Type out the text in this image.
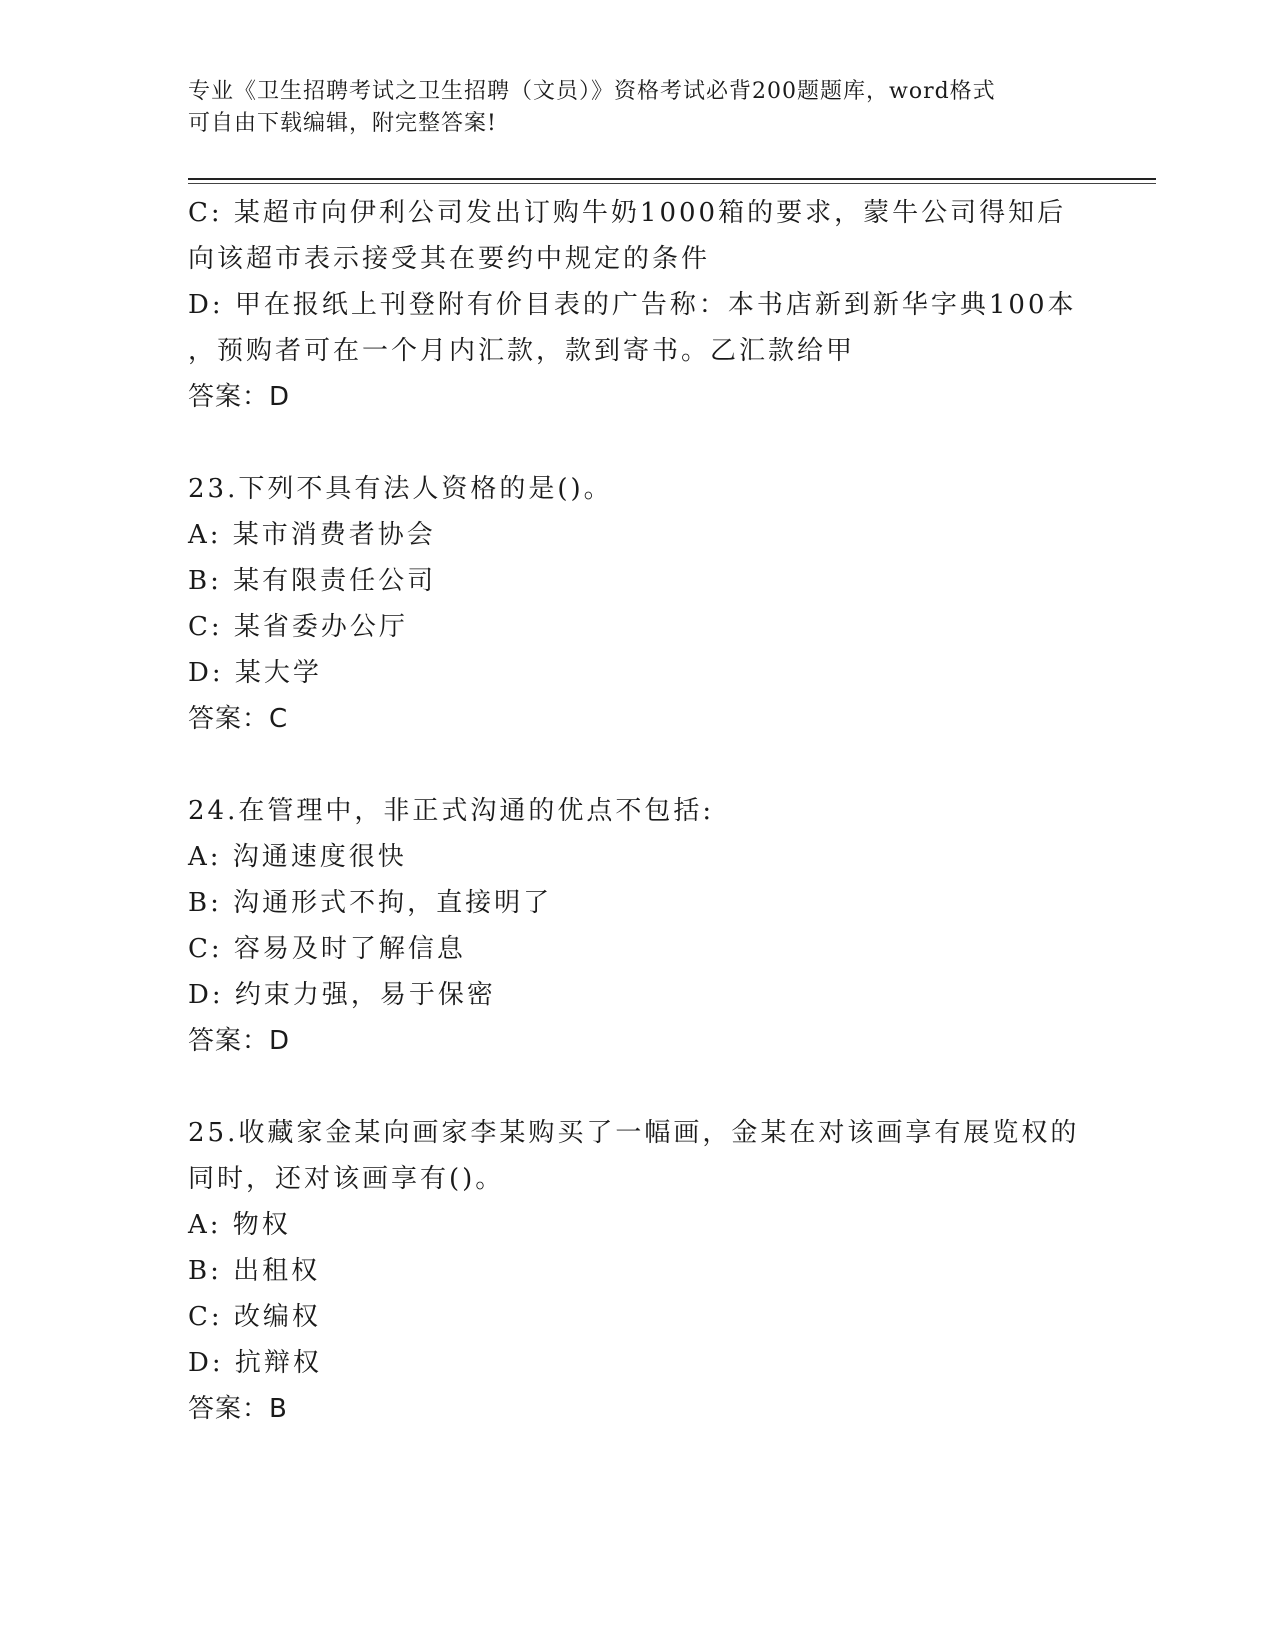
专业《卫生招聘考试之卫生招聘（文员）》资格考试必背200题题库，word格式
可自由下载编辑，附完整答案!
C: 某超市向伊利公司发出订购牛奶1000箱的要求，蒙牛公司得知后
向该超市表示接受其在要约中规定的条件
D: 甲在报纸上刊登附有价目表的广告称：本书店新到新华字典100本
，预购者可在一个月内汇款，款到寄书。乙汇款给甲
答案：D
23.下列不具有法人资格的是()。
A: 某市消费者协会
B: 某有限责任公司
C: 某省委办公厅
D: 某大学
答案：C
24.在管理中，非正式沟通的优点不包括:
A: 沟通速度很快
B: 沟通形式不拘，直接明了
C: 容易及时了解信息
D: 约束力强，易于保密
答案：D
25.收藏家金某向画家李某购买了一幅画，金某在对该画享有展览权的
同时，还对该画享有()。
A: 物权
B: 出租权
C: 改编权
D: 抗辩权
答案：B
